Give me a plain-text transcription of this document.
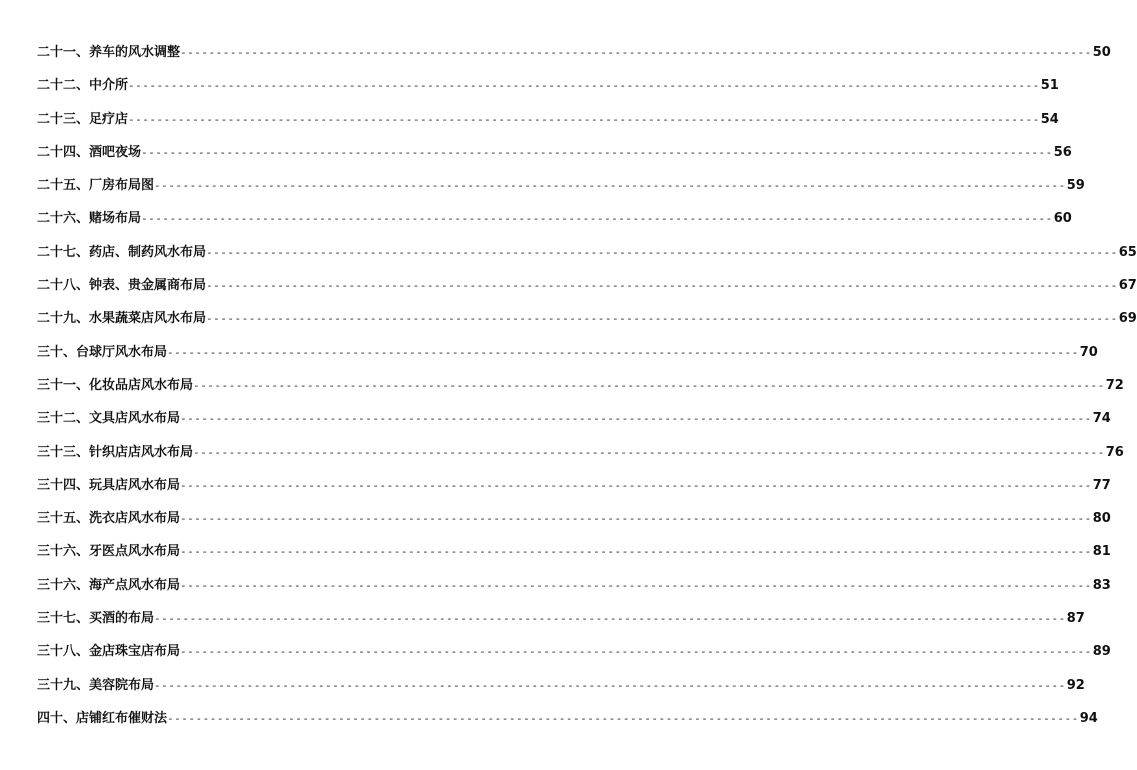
二十一、养车的风水调整 -------------------------------------------------------------------------------------------------------------------------------- 50
二十二、中介所 -------------------------------------------------------------------------------------------------------------------------------- 51
二十三、足疗店 -------------------------------------------------------------------------------------------------------------------------------- 54
二十四、酒吧夜场 -------------------------------------------------------------------------------------------------------------------------------- 56
二十五、厂房布局图 -------------------------------------------------------------------------------------------------------------------------------- 59
二十六、赌场布局 -------------------------------------------------------------------------------------------------------------------------------- 60
二十七、药店、制药风水布局 -------------------------------------------------------------------------------------------------------------------------------- 65
二十八、钟表、贵金属商布局 -------------------------------------------------------------------------------------------------------------------------------- 67
二十九、水果蔬菜店风水布局 -------------------------------------------------------------------------------------------------------------------------------- 69
三十、台球厅风水布局 -------------------------------------------------------------------------------------------------------------------------------- 70
三十一、化妆品店风水布局 -------------------------------------------------------------------------------------------------------------------------------- 72
三十二、文具店风水布局 -------------------------------------------------------------------------------------------------------------------------------- 74
三十三、针织店店风水布局 -------------------------------------------------------------------------------------------------------------------------------- 76
三十四、玩具店风水布局 -------------------------------------------------------------------------------------------------------------------------------- 77
三十五、洗衣店风水布局 -------------------------------------------------------------------------------------------------------------------------------- 80
三十六、牙医点风水布局 -------------------------------------------------------------------------------------------------------------------------------- 81
三十六、海产点风水布局 -------------------------------------------------------------------------------------------------------------------------------- 83
三十七、买酒的布局 -------------------------------------------------------------------------------------------------------------------------------- 87
三十八、金店珠宝店布局 -------------------------------------------------------------------------------------------------------------------------------- 89
三十九、美容院布局 -------------------------------------------------------------------------------------------------------------------------------- 92
四十、店铺红布催财法 -------------------------------------------------------------------------------------------------------------------------------- 94
